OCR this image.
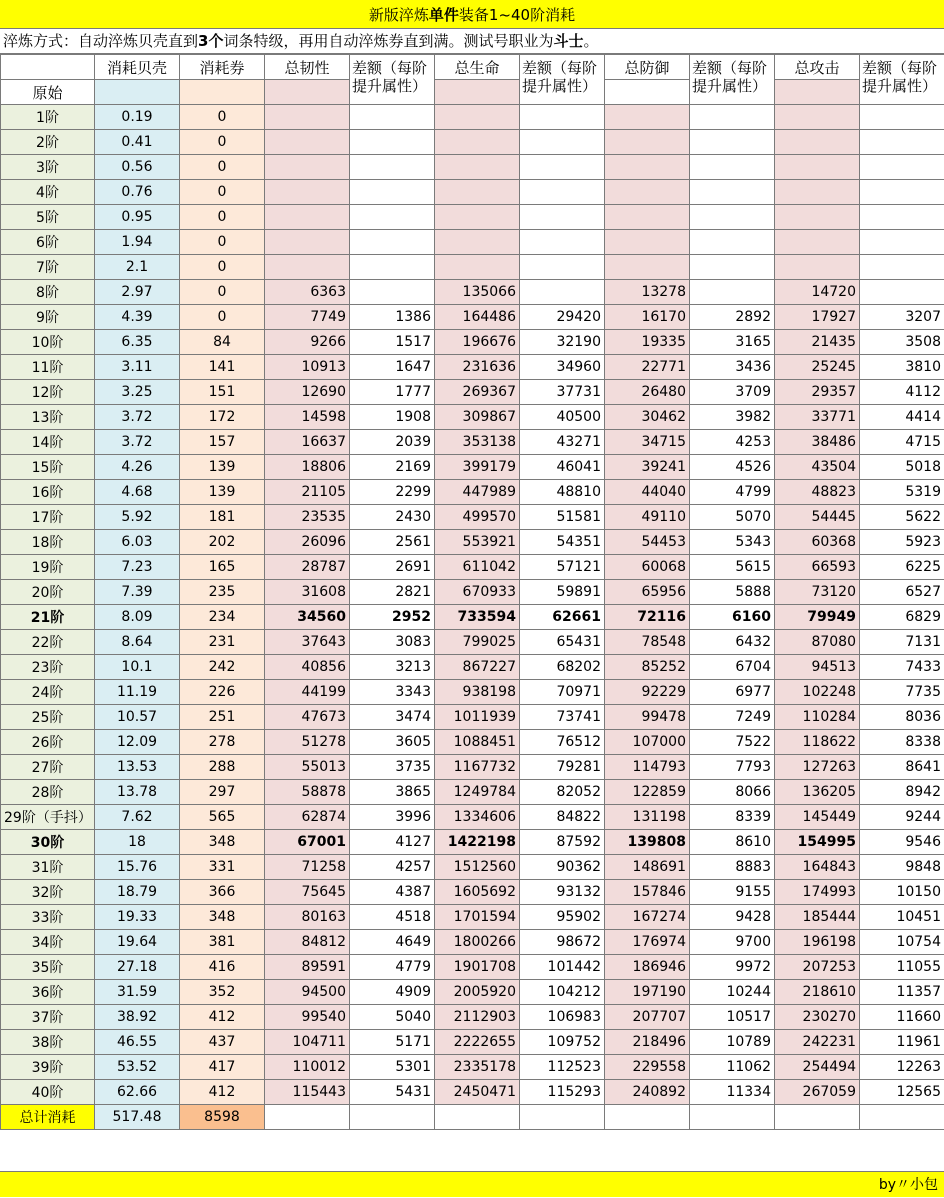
新版淬炼 单件 装备1~40阶消耗
淬炼方式：自动淬炼贝壳直到3个词条特级，再用自动淬炼券直到满。测试号职业为斗士。
	消耗贝壳	消耗券	总韧性	差额（每阶提升属性）	总生命	差额（每阶提升属性）	总防御	差额（每阶提升属性）	总攻击	差额（每阶提升属性）
原始										
1阶	0.19	0								
2阶	0.41	0								
3阶	0.56	0								
4阶	0.76	0								
5阶	0.95	0								
6阶	1.94	0								
7阶	2.1	0								
8阶	2.97	0	6363		135066		13278		14720	
9阶	4.39	0	7749	1386	164486	29420	16170	2892	17927	3207
10阶	6.35	84	9266	1517	196676	32190	19335	3165	21435	3508
11阶	3.11	141	10913	1647	231636	34960	22771	3436	25245	3810
12阶	3.25	151	12690	1777	269367	37731	26480	3709	29357	4112
13阶	3.72	172	14598	1908	309867	40500	30462	3982	33771	4414
14阶	3.72	157	16637	2039	353138	43271	34715	4253	38486	4715
15阶	4.26	139	18806	2169	399179	46041	39241	4526	43504	5018
16阶	4.68	139	21105	2299	447989	48810	44040	4799	48823	5319
17阶	5.92	181	23535	2430	499570	51581	49110	5070	54445	5622
18阶	6.03	202	26096	2561	553921	54351	54453	5343	60368	5923
19阶	7.23	165	28787	2691	611042	57121	60068	5615	66593	6225
20阶	7.39	235	31608	2821	670933	59891	65956	5888	73120	6527
21阶	8.09	234	34560	2952	733594	62661	72116	6160	79949	6829
22阶	8.64	231	37643	3083	799025	65431	78548	6432	87080	7131
23阶	10.1	242	40856	3213	867227	68202	85252	6704	94513	7433
24阶	11.19	226	44199	3343	938198	70971	92229	6977	102248	7735
25阶	10.57	251	47673	3474	1011939	73741	99478	7249	110284	8036
26阶	12.09	278	51278	3605	1088451	76512	107000	7522	118622	8338
27阶	13.53	288	55013	3735	1167732	79281	114793	7793	127263	8641
28阶	13.78	297	58878	3865	1249784	82052	122859	8066	136205	8942
29阶（手抖）	7.62	565	62874	3996	1334606	84822	131198	8339	145449	9244
30阶	18	348	67001	4127	1422198	87592	139808	8610	154995	9546
31阶	15.76	331	71258	4257	1512560	90362	148691	8883	164843	9848
32阶	18.79	366	75645	4387	1605692	93132	157846	9155	174993	10150
33阶	19.33	348	80163	4518	1701594	95902	167274	9428	185444	10451
34阶	19.64	381	84812	4649	1800266	98672	176974	9700	196198	10754
35阶	27.18	416	89591	4779	1901708	101442	186946	9972	207253	11055
36阶	31.59	352	94500	4909	2005920	104212	197190	10244	218610	11357
37阶	38.92	412	99540	5040	2112903	106983	207707	10517	230270	11660
38阶	46.55	437	104711	5171	2222655	109752	218496	10789	242231	11961
39阶	53.52	417	110012	5301	2335178	112523	229558	11062	254494	12263
40阶	62.66	412	115443	5431	2450471	115293	240892	11334	267059	12565
总计消耗	517.48	8598								
by〃小包
